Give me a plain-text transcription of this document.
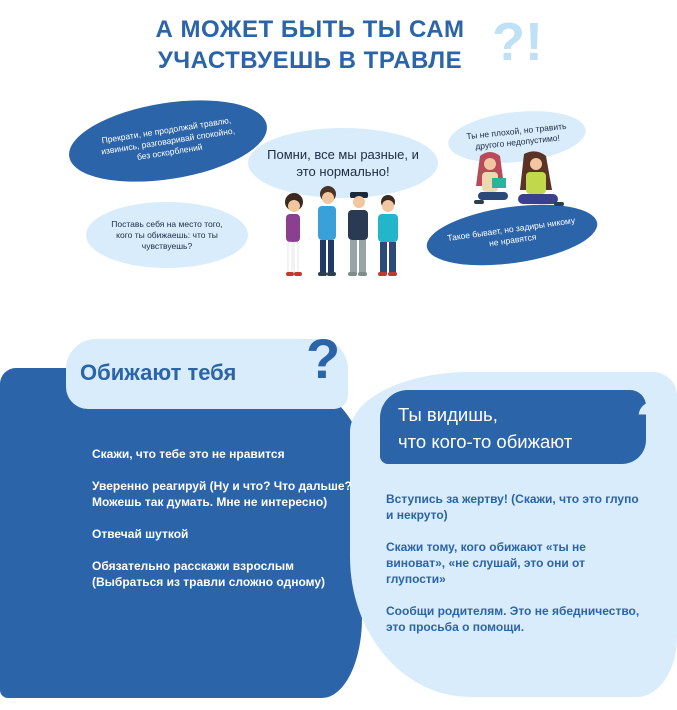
А МОЖЕТ БЫТЬ ТЫ САМ
УЧАСТВУЕШЬ В ТРАВЛЕ ?!
Прекрати, не продолжай травлю, извинись, разговаривай спокойно, без оскорблений
Поставь себя на место того, кого ты обижаешь: что ты чувствуешь?
Помни, все мы разные, и это нормально!
Ты не плохой, но травить другого недопустимо!
Такое бывает, но задиры никому не нравятся
Обижают тебя ?
Ты видишь,
что кого-то обижают ?

Скажи, что тебе это не нравится

Уверенно реагируй (Ну и что? Что дальше? Можешь так думать. Мне не интересно)

Отвечай шуткой

Обязательно расскажи взрослым (Выбраться из травли сложно одному)

Вступись за жертву! (Скажи, что это глупо и некруто)

Скажи тому, кого обижают «ты не виноват», «не слушай, это они от глупости»

Сообщи родителям. Это не ябедничество, это просьба о помощи.
